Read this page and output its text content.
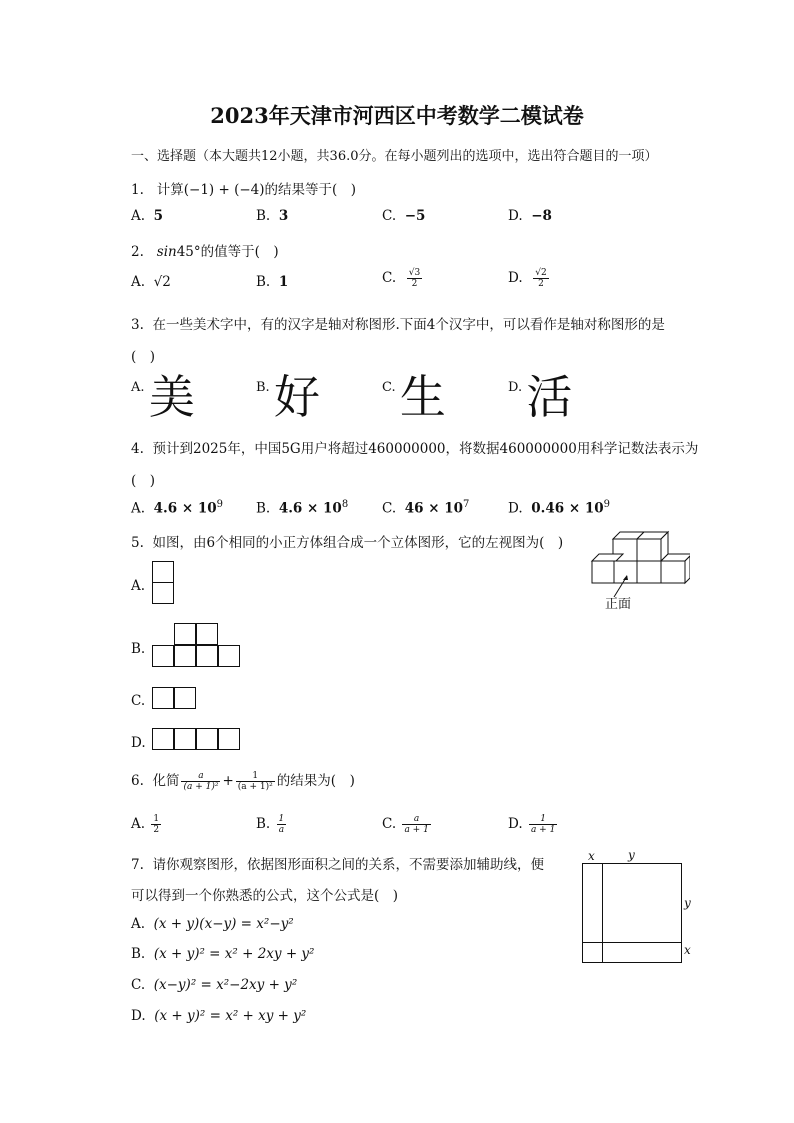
2023年天津市河西区中考数学二模试卷
一、选择题（本大题共12小题，共36.0分。在每小题列出的选项中，选出符合题目的一项）
1. 计算(−1) + (−4)的结果等于(　)
A. 5	B. 3	C. −5	D. −8
2. sin45°的值等于(　)
A. √2	B. 1	C. $\frac{√3}{2}$	D. $\frac{√2}{2}$
3. 在一些美术字中，有的汉字是轴对称图形.下面4个汉字中，可以看作是轴对称图形的是
(　)
A. 美	B. 好	C. 生	D. 活
4. 预计到2025年，中国5G用户将超过460000000，将数据460000000用科学记数法表示为
(　)
A. $4.6 \times 10^9$ B. $4.6 \times 10^8$	C. $46 \times 10^7$	D. $0.46 \times 10^9$
5. 如图，由6个相同的小正方体组合成一个立体图形，它的左视图为(　)
正面
A.
B.
C.
D.
6. 化简 $\frac{a}{\text{(a + 1)²}} + \frac{1}{\text{(a + 1)²}}$ 的结果为(　)
A. $\frac{1}{2}$	B. $\frac{1}{a}$	C. $\frac{a}{a + 1}$	D. $\frac{1}{a + 1}$
7. 请你观察图形，依据图形面积之间的关系，不需要添加辅助线，便
可以得到一个你熟悉的公式，这个公式是(　)
A. (x + y)(x−y) = x²−y²
B. (x + y)² = x² + 2xy + y²
C. (x−y)² = x²−2xy + y²
D. (x + y)² = x² + xy + y²
x	y
y
x
